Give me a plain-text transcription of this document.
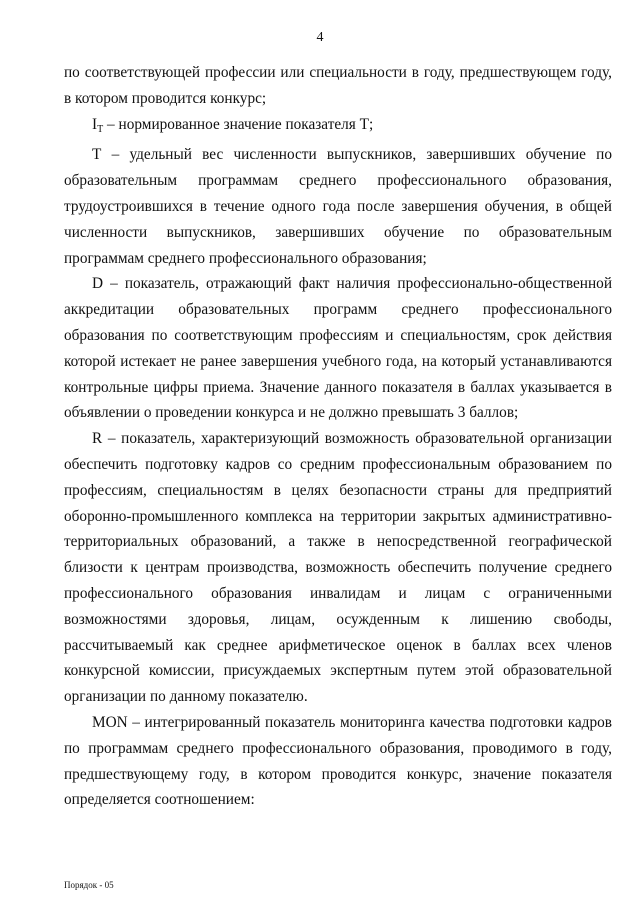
4

по соответствующей профессии или специальности в году, предшествующем году, в котором проводится конкурс;

$I_T$ – нормированное значение показателя Т;

Т – удельный вес численности выпускников, завершивших обучение по образовательным программам среднего профессионального образования, трудоустроившихся в течение одного года после завершения обучения, в общей численности выпускников, завершивших обучение по образовательным программам среднего профессионального образования;

D – показатель, отражающий факт наличия профессионально-общественной аккредитации образовательных программ среднего профессионального образования по соответствующим профессиям и специальностям, срок действия которой истекает не ранее завершения учебного года, на который устанавливаются контрольные цифры приема. Значение данного показателя в баллах указывается в объявлении о проведении конкурса и не должно превышать 3 баллов;

R – показатель, характеризующий возможность образовательной организации обеспечить подготовку кадров со средним профессиональным образованием по профессиям, специальностям в целях безопасности страны для предприятий оборонно-промышленного комплекса на территории закрытых административно-территориальных образований, а также в непосредственной географической близости к центрам производства, возможность обеспечить получение среднего профессионального образования инвалидам и лицам с ограниченными возможностями здоровья, лицам, осужденным к лишению свободы, рассчитываемый как среднее арифметическое оценок в баллах всех членов конкурсной комиссии, присуждаемых экспертным путем этой образовательной организации по данному показателю.

MON – интегрированный показатель мониторинга качества подготовки кадров по программам среднего профессионального образования, проводимого в году, предшествующему году, в котором проводится конкурс, значение показателя определяется соотношением:

Порядок - 05
